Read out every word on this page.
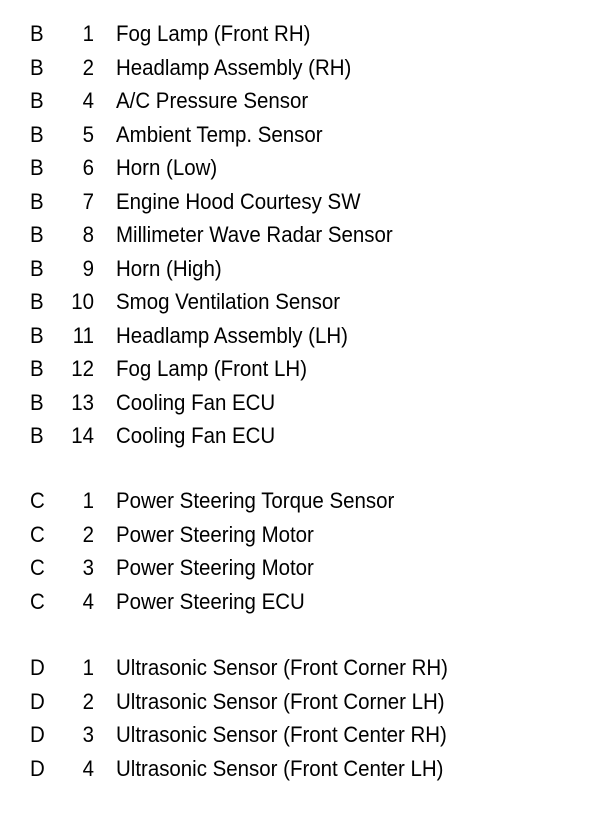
B	1 Fog Lamp (Front RH)
B	2 Headlamp Assembly (RH)
B	4 A/C Pressure Sensor
B	5 Ambient Temp. Sensor
B	6 Horn (Low)
B	7 Engine Hood Courtesy SW
B	8 Millimeter Wave Radar Sensor
B	9 Horn (High)
B	10 Smog Ventilation Sensor
B	11 Headlamp Assembly (LH)
B	12 Fog Lamp (Front LH)
B	13 Cooling Fan ECU
B	14 Cooling Fan ECU
C	1 Power Steering Torque Sensor
C	2 Power Steering Motor
C	3 Power Steering Motor
C	4 Power Steering ECU
D	1 Ultrasonic Sensor (Front Corner RH)
D	2 Ultrasonic Sensor (Front Corner LH)
D	3 Ultrasonic Sensor (Front Center RH)
D	4 Ultrasonic Sensor (Front Center LH)
